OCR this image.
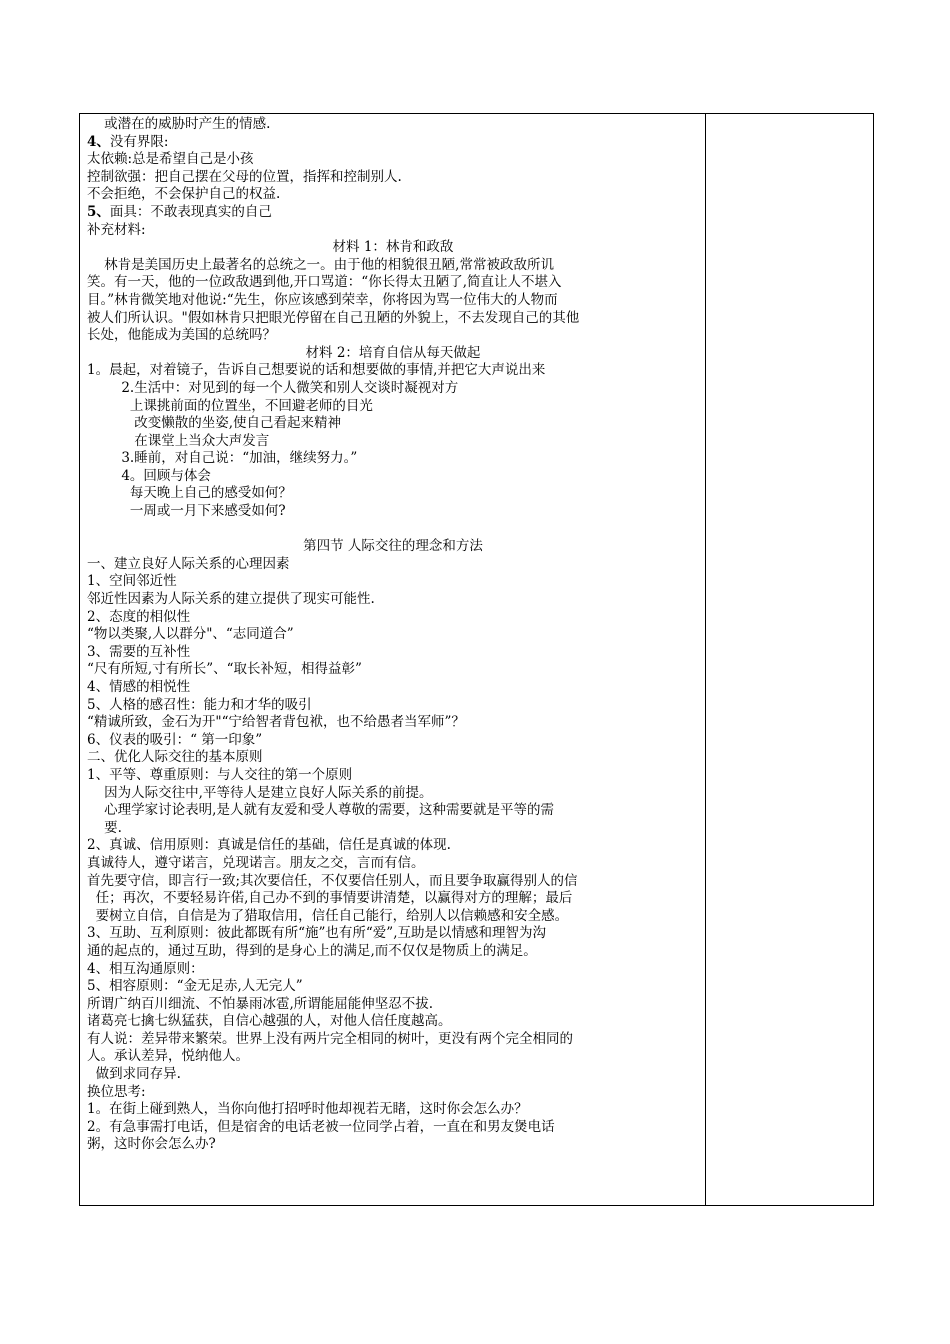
或潜在的威胁时产生的情感.

4、没有界限:

太依赖:总是希望自己是小孩

控制欲强：把自己摆在父母的位置，指挥和控制别人.

不会拒绝，不会保护自己的权益.

5、面具：不敢表现真实的自己

补充材料:

材料 1：林肯和政敌

林肯是美国历史上最著名的总统之一。由于他的相貌很丑陋,常常被政敌所讥

笑。有一天，他的一位政敌遇到他,开口骂道：“你长得太丑陋了,简直让人不堪入

目。”林肯微笑地对他说:“先生，你应该感到荣幸，你将因为骂一位伟大的人物而

被人们所认识。"假如林肯只把眼光停留在自己丑陋的外貌上，不去发现自己的其他

长处，他能成为美国的总统吗？

材料 2：培育自信从每天做起

1。晨起，对着镜子，告诉自己想要说的话和想要做的事情,并把它大声说出来

2.生活中：对见到的每一个人微笑和别人交谈时凝视对方

上课挑前面的位置坐，不回避老师的目光

改变懒散的坐姿,使自己看起来精神

在课堂上当众大声发言

3.睡前，对自己说：“加油，继续努力。”

4。回顾与体会

每天晚上自己的感受如何？

一周或一月下来感受如何?

第四节 人际交往的理念和方法

一、建立良好人际关系的心理因素

1、空间邻近性

邻近性因素为人际关系的建立提供了现实可能性.

2、态度的相似性

“物以类聚,人以群分"、“志同道合”

3、需要的互补性

“尺有所短,寸有所长”、“取长补短，相得益彰”

4、情感的相悦性

5、人格的感召性：能力和才华的吸引

“精诚所致，金石为开"“宁给智者背包袱，也不给愚者当军师”？

6、仪表的吸引：“ 第一印象”

二、优化人际交往的基本原则

1、平等、尊重原则：与人交往的第一个原则

因为人际交往中,平等待人是建立良好人际关系的前提。

心理学家讨论表明,是人就有友爱和受人尊敬的需要，这种需要就是平等的需

要.

2、真诚、信用原则：真诚是信任的基础，信任是真诚的体现.

真诚待人，遵守诺言，兑现诺言。朋友之交，言而有信。

首先要守信，即言行一致;其次要信任，不仅要信任别人，而且要争取赢得别人的信

任；再次，不要轻易许偌,自己办不到的事情要讲清楚，以赢得对方的理解；最后

要树立自信，自信是为了猎取信用，信任自己能行，给别人以信赖感和安全感。

3、互助、互利原则：彼此都既有所“施”也有所“爱”,互助是以情感和理智为沟

通的起点的，通过互助，得到的是身心上的满足,而不仅仅是物质上的满足。

4、相互沟通原则：

5、相容原则：“金无足赤,人无完人”

所谓广纳百川细流、不怕暴雨冰雹,所谓能屈能伸坚忍不拔.

诸葛亮七擒七纵猛获，自信心越强的人，对他人信任度越高。

有人说：差异带来繁荣。世界上没有两片完全相同的树叶，更没有两个完全相同的

人。承认差异，悦纳他人。

做到求同存异.

换位思考:

1。在街上碰到熟人，当你向他打招呼时他却视若无睹，这时你会怎么办？

2。有急事需打电话，但是宿舍的电话老被一位同学占着，一直在和男友煲电话

粥，这时你会怎么办?
